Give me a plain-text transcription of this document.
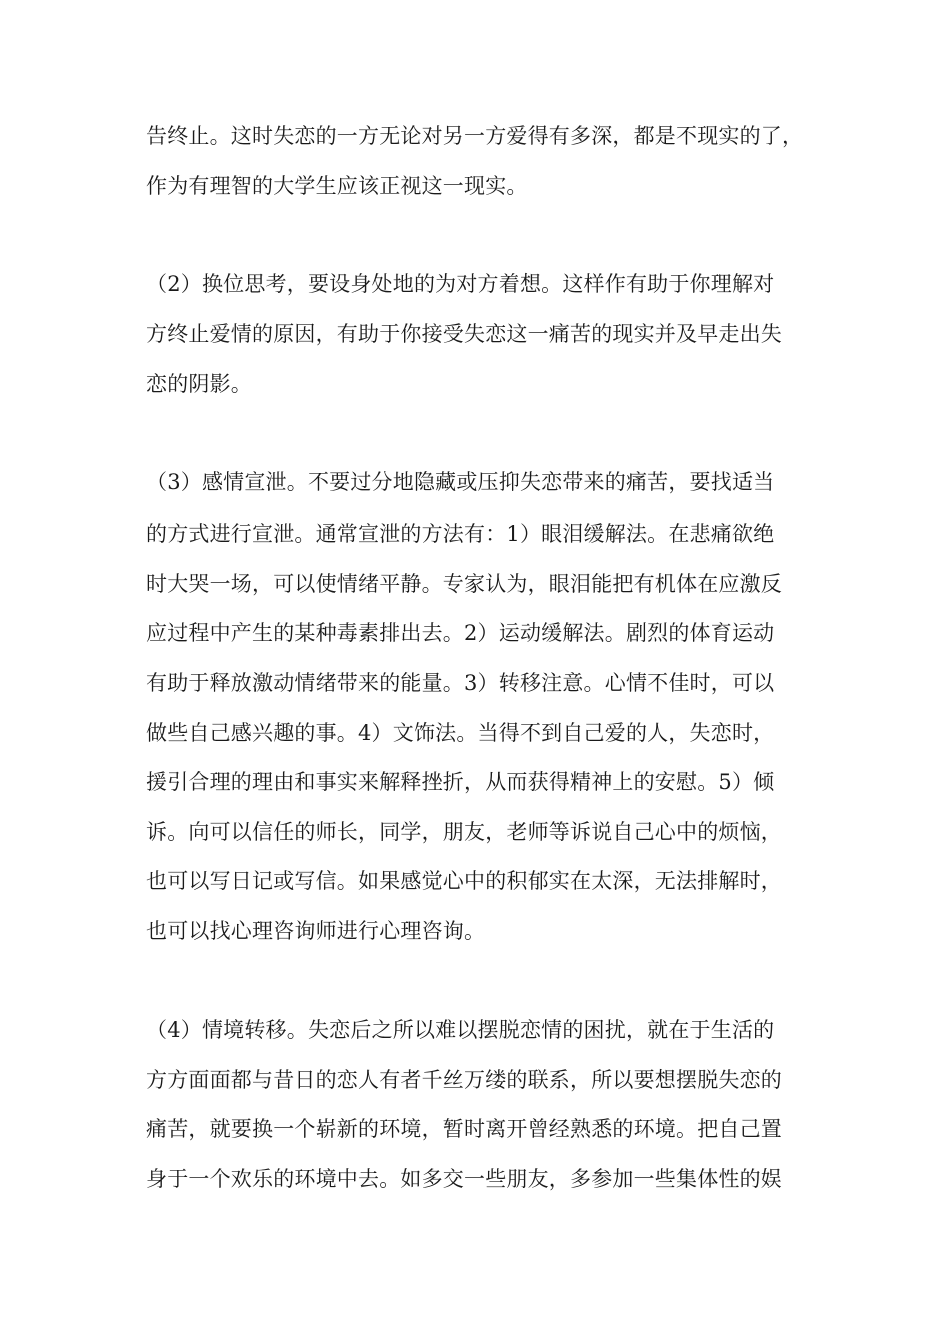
告终止。这时失恋的一方无论对另一方爱得有多深，都是不现实的了，
作为有理智的大学生应该正视这一现实。
（2）换位思考，要设身处地的为对方着想。这样作有助于你理解对
方终止爱情的原因，有助于你接受失恋这一痛苦的现实并及早走出失
恋的阴影。
（3）感情宣泄。不要过分地隐藏或压抑失恋带来的痛苦，要找适当
的方式进行宣泄。通常宣泄的方法有：1）眼泪缓解法。在悲痛欲绝
时大哭一场，可以使情绪平静。专家认为，眼泪能把有机体在应激反
应过程中产生的某种毒素排出去。2）运动缓解法。剧烈的体育运动
有助于释放激动情绪带来的能量。3）转移注意。心情不佳时，可以
做些自己感兴趣的事。4）文饰法。当得不到自己爱的人，失恋时，
援引合理的理由和事实来解释挫折，从而获得精神上的安慰。5）倾
诉。向可以信任的师长，同学，朋友，老师等诉说自己心中的烦恼，
也可以写日记或写信。如果感觉心中的积郁实在太深，无法排解时，
也可以找心理咨询师进行心理咨询。
（4）情境转移。失恋后之所以难以摆脱恋情的困扰，就在于生活的
方方面面都与昔日的恋人有者千丝万缕的联系，所以要想摆脱失恋的
痛苦，就要换一个崭新的环境，暂时离开曾经熟悉的环境。把自己置
身于一个欢乐的环境中去。如多交一些朋友，多参加一些集体性的娱
